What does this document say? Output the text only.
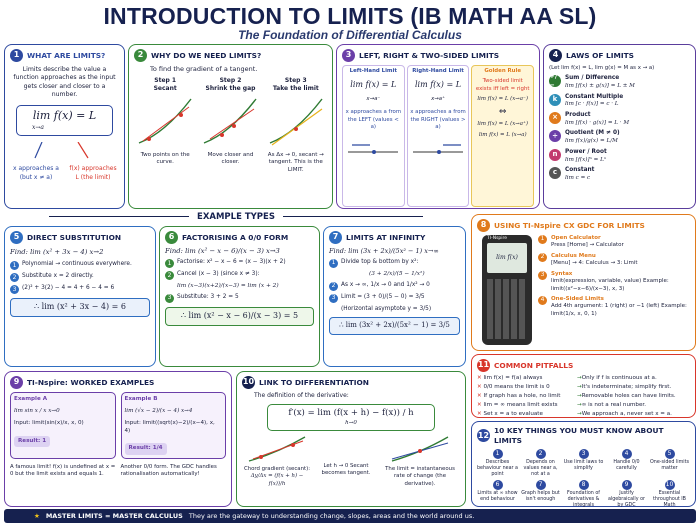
INTRODUCTION TO LIMITS (IB MATH AA SL)
The Foundation of Differential Calculus
1	WHAT ARE LIMITS?
Limits describe the value a function approaches as the input gets closer and closer to a number.
lim f(x) = L
x→a
x approaches a (but x ≠ a)
f(x) approaches L (the limit)
2	WHY DO WE NEED LIMITS?
To find the gradient of a tangent.
Step 1
Secant
Two points on the curve.
Step 2
Shrink the gap
Move closer and closer.
Step 3
Take the limit
As Δx → 0, secant → tangent. This is the LIMIT.
3	LEFT, RIGHT & TWO-SIDED LIMITS
Left-Hand Limit
lim f(x) = L
x→a⁻
x approaches a from the LEFT (values < a)
Right-Hand Limit
lim f(x) = L
x→a⁺
x approaches a from the RIGHT (values > a)
Golden Rule
Two-sided limit exists iff left = right
lim f(x) = L (x→a⁻)
⇔
lim f(x) = L (x→a⁺)
lim f(x) = L (x→a)
4	LAWS OF LIMITS
(Let lim f(x) = L, lim g(x) = M as x → a)
+/−
Sum / Difference
lim [f(x) ± g(x)] = L ± M
k	Constant Multiple
lim [c · f(x)] = c · L
×	Product
lim [f(x) · g(x)] = L · M
÷	Quotient (M ≠ 0)
lim f(x)/g(x) = L/M
n	Power / Root
lim [f(x)]ⁿ = Lⁿ
c	Constant
lim c = c
EXAMPLE TYPES
5	DIRECT SUBSTITUTION
Find: lim (x² + 3x − 4) x→2
1 Polynomial → continuous everywhere.
2 Substitute x = 2 directly.
3 (2)² + 3(2) − 4 = 4 + 6 − 4 = 6
∴ lim (x² + 3x − 4) = 6
6	FACTORISING A 0/0 FORM
Find: lim (x² − x − 6)/(x − 3) x→3
1 Factorise: x² − x − 6 = (x − 3)(x + 2)
2 Cancel (x − 3) (since x ≠ 3):
lim (x−3)(x+2)/(x−3) = lim (x + 2)
3 Substitute: 3 + 2 = 5
∴ lim (x² − x − 6)/(x − 3) = 5
7	LIMITS AT INFINITY
Find: lim (3x + 2x)/(5x² − 1) x→∞
1 Divide top & bottom by x²:
(3 + 2/x)/(5 − 1/x²)
2 As x → ∞, 1/x → 0 and 1/x² → 0
3 Limit = (3 + 0)/(5 − 0) = 3/5
(Horizontal asymptote y = 3/5)
∴ lim (3x² + 2x)/(5x² − 1) = 3/5
8	USING TI-Nspire CX GDC FOR LIMITS
TI-Nspire
lim f(x)
1	Open Calculator
Press [Home] → Calculator
2	Calculus Menu
[Menu] → 4: Calculus → 3: Limit
3	Syntax
limit(expression, variable, value) Example: limit((x²−x−6)/(x−3), x, 3)
4	One-Sided Limits
Add 4th argument: 1 (right) or −1 (left) Example: limit(1/x, x, 0, 1)
9	TI-Nspire: WORKED EXAMPLES
Example A
lim sin x / x x→0
Input: limit(sin(x)/x, x, 0)
Result: 1
Example B
lim (√x − 2)/(x − 4) x→4
Input: limit((sqrt(x)−2)/(x−4), x, 4)
Result: 1/4
A famous limit! f(x) is undefined at x = 0 but the limit exists and equals 1.
Another 0/0 form. The GDC handles rationalisation automatically!
10 LINK TO DIFFERENTIATION
The definition of the derivative:
f′(x) = lim (f(x + h) − f(x)) / h
h→0
Chord gradient (secant):
Δy/Δx = (f(x + h) − f(x))/h
Let h → 0 Secant becomes tangent.
The limit = instantaneous rate of change (the derivative).
11 COMMON PITFALLS
✕ lim f(x) = f(a) always	→ Only if f is continuous at a.
✕ 0/0 means the limit is 0	→ It's indeterminate; simplify first.
✕ If graph has a hole, no limit	→ Removable holes can have limits.
✕ lim = ∞ means limit exists	→ ∞ is not a real number.
✕ Set x = a to evaluate	→ We approach a, never set x = a.
12
10 KEY THINGS YOU MUST KNOW ABOUT LIMITS
1
Describes behaviour near a point
2
Depends on values near a, not at a
3
Use limit laws to simplify
4
Handle 0/0 carefully
5
One-sided limits matter
6
Limits at ∞ show end behaviour
7
Graph helps but isn't enough
8
Foundation of derivatives & integrals
9
Justify algebraically or by GDC
10
Essential throughout IB Math
★ MASTER LIMITS = MASTER CALCULUS They are the gateway to understanding change, slopes, areas and the world around us.
